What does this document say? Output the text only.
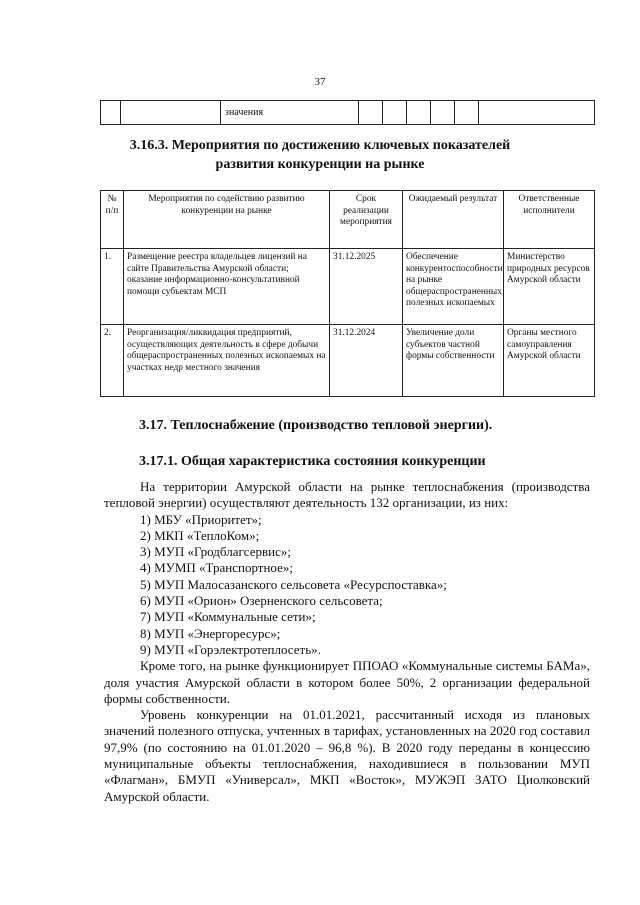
37
		значения						
3.16.3. Мероприятия по достижению ключевых показателей
развития конкуренции на рынке
№ п/п	Мероприятия по содействию развитию конкуренции на рынке	Срок реализации мероприятия	Ожидаемый результат	Ответственные исполнители
1.	Размещение реестра владельцев лицензий на сайте Правительства Амурской области; оказание информационно-консультативной помощи субъектам МСП	31.12.2025	Обеспечение конкурентоспособности на рынке общераспространенных полезных ископаемых	Министерство природных ресурсов Амурской области
2.	Реорганизация/ликвидация предприятий, осуществляющих деятельность в сфере добычи общераспространенных полезных ископаемых на участках недр местного значения	31.12.2024	Увеличение доли субъектов частной формы собственности	Органы местного самоуправления Амурской области
3.17. Теплоснабжение (производство тепловой энергии).
3.17.1. Общая характеристика состояния конкуренции

На территории Амурской области на рынке теплоснабжения (производства тепловой энергии) осуществляют деятельность 132 организации, из них:

1) МБУ «Приоритет»;
2) МКП «ТеплоКом»;
3) МУП «Гродблагсервис»;
4) МУМП «Транспортное»;
5) МУП Малосазанского сельсовета «Ресурспоставка»;
6) МУП «Орион» Озерненского сельсовета;
7) МУП «Коммунальные сети»;
8) МУП «Энергоресурс»;
9) МУП «Горэлектротеплосеть».

Кроме того, на рынке функционирует ППОАО «Коммунальные системы БАМа», доля участия Амурской области в котором более 50%, 2 организации федеральной формы собственности.

Уровень конкуренции на 01.01.2021, рассчитанный исходя из плановых значений полезного отпуска, учтенных в тарифах, установленных на 2020 год составил 97,9% (по состоянию на 01.01.2020 – 96,8 %). В 2020 году переданы в концессию муниципальные объекты теплоснабжения, находившиеся в пользовании МУП «Флагман», БМУП «Универсал», МКП «Восток», МУЖЭП ЗАТО Циолковский Амурской области.
